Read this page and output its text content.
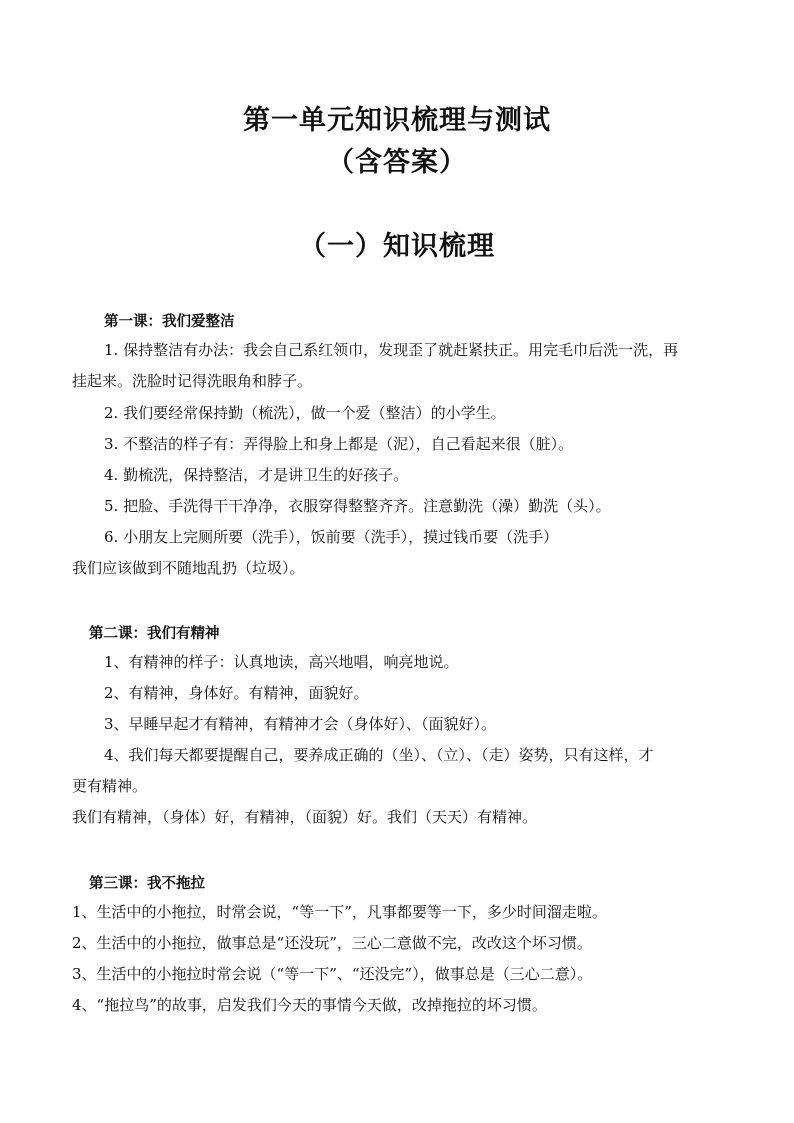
第一单元知识梳理与测试
（含答案）
（一）知识梳理
第一课：我们爱整洁
1. 保持整洁有办法：我会自己系红领巾，发现歪了就赶紧扶正。用完毛巾后洗一洗，再
挂起来。洗脸时记得洗眼角和脖子。
2. 我们要经常保持勤（梳洗），做一个爱（整洁）的小学生。
3. 不整洁的样子有：弄得脸上和身上都是（泥），自己看起来很（脏）。
4. 勤梳洗，保持整洁，才是讲卫生的好孩子。
5. 把脸、手洗得干干净净，衣服穿得整整齐齐。注意勤洗（澡）勤洗（头）。
6. 小朋友上完厕所要（洗手），饭前要（洗手），摸过钱币要（洗手）
我们应该做到不随地乱扔（垃圾）。
第二课：我们有精神
1、有精神的样子：认真地读，高兴地唱，响亮地说。
2、有精神，身体好。有精神，面貌好。
3、早睡早起才有精神，有精神才会（身体好）、（面貌好）。
4、我们每天都要提醒自己，要养成正确的（坐）、（立）、（走）姿势，只有这样，才
更有精神。
我们有精神，（身体）好，有精神，（面貌）好。我们（天天）有精神。
第三课：我不拖拉
1、生活中的小拖拉，时常会说，“等一下”，凡事都要等一下，多少时间溜走啦。
2、生活中的小拖拉，做事总是“还没玩”，三心二意做不完，改改这个坏习惯。
3、生活中的小拖拉时常会说（“等一下”、“还没完”），做事总是（三心二意）。
4、“拖拉鸟”的故事，启发我们今天的事情今天做，改掉拖拉的坏习惯。
